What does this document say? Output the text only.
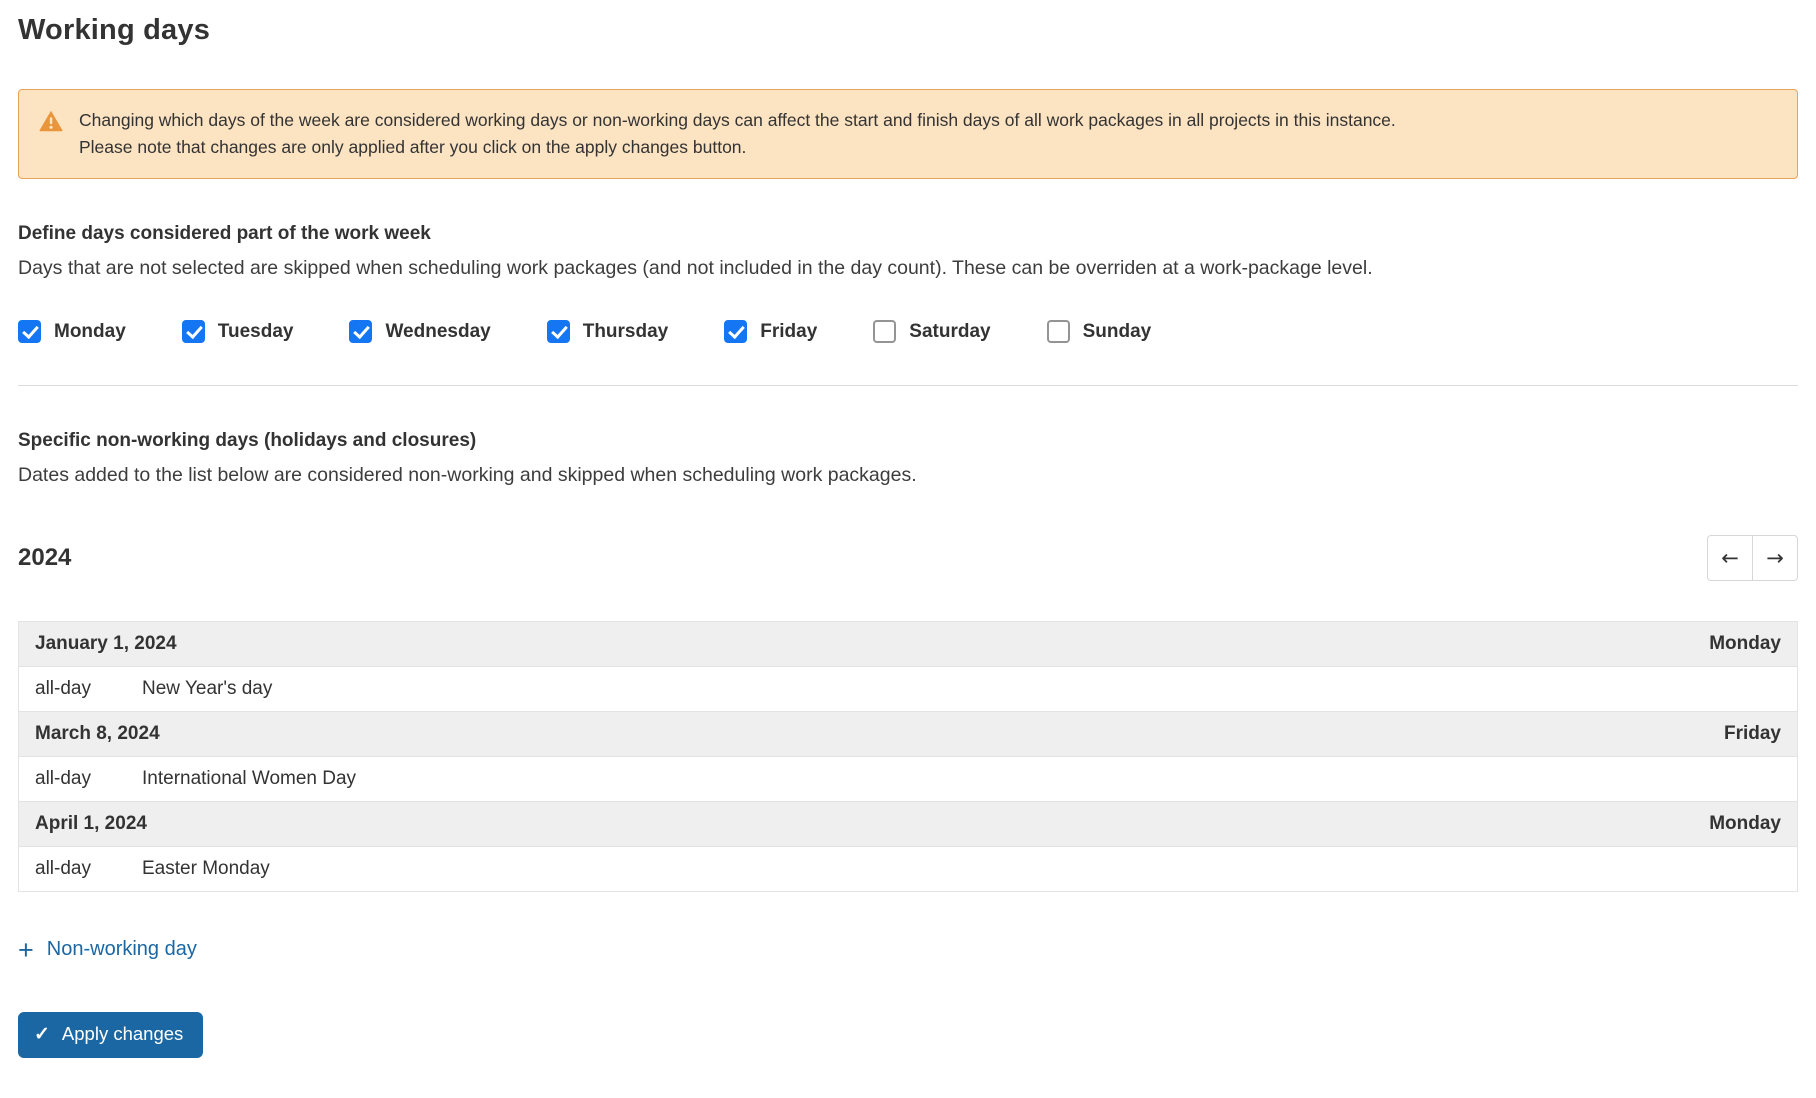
Working days
Changing which days of the week are considered working days or non-working days can affect the start and finish days of all work packages in all projects in this instance.
Please note that changes are only applied after you click on the apply changes button.
Define days considered part of the work week

Days that are not selected are skipped when scheduling work packages (and not included in the day count). These can be overriden at a work-package level.

Monday	Tuesday	Wednesday	Thursday	Friday	Saturday	Sunday
Specific non-working days (holidays and closures)

Dates added to the list below are considered non-working and skipped when scheduling work packages.

2024	← →
January 1, 2024	Monday
all-day	New Year's day
March 8, 2024	Friday
all-day	International Women Day
April 1, 2024	Monday
all-day	Easter Monday
+ Non-working day
✓ Apply changes
